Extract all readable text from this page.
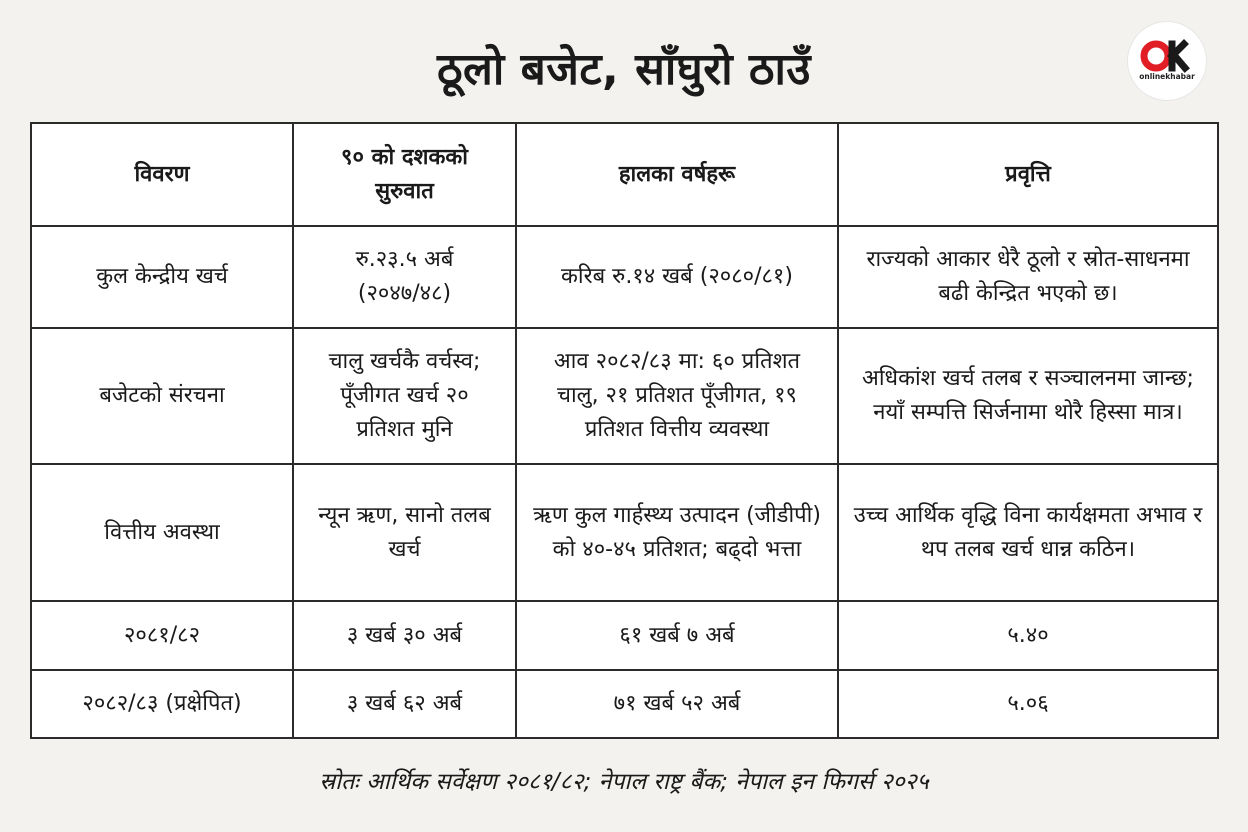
ठूलो बजेट, साँघुरो ठाउँ	onlinekhabar
विवरण	९० को दशकको सुरुवात	हालका वर्षहरू	प्रवृत्ति
कुल केन्द्रीय खर्च	रु.२३.५ अर्ब (२०४७/४८)	करिब रु.१४ खर्ब (२०८०/८१)	राज्यको आकार धेरै ठूलो र स्रोत-साधनमा बढी केन्द्रित भएको छ।
बजेटको संरचना	चालु खर्चकै वर्चस्व; पूँजीगत खर्च २० प्रतिशत मुनि	आव २०८२/८३ मा: ६० प्रतिशत चालु, २१ प्रतिशत पूँजीगत, १९ प्रतिशत वित्तीय व्यवस्था	अधिकांश खर्च तलब र सञ्चालनमा जान्छ; नयाँ सम्पत्ति सिर्जनामा थोरै हिस्सा मात्र।
वित्तीय अवस्था	न्यून ऋण, सानो तलब खर्च	ऋण कुल गार्हस्थ्य उत्पादन (जीडीपी) को ४०-४५ प्रतिशत; बढ्दो भत्ता	उच्च आर्थिक वृद्धि विना कार्यक्षमता अभाव र थप तलब खर्च धान्न कठिन।
२०८१/८२	३ खर्ब ३० अर्ब	६१ खर्ब ७ अर्ब	५.४०
२०८२/८३ (प्रक्षेपित)	३ खर्ब ६२ अर्ब	७१ खर्ब ५२ अर्ब	५.०६
स्रोतः आर्थिक सर्वेक्षण २०८१/८२; नेपाल राष्ट्र बैंक; नेपाल इन फिगर्स २०२५
